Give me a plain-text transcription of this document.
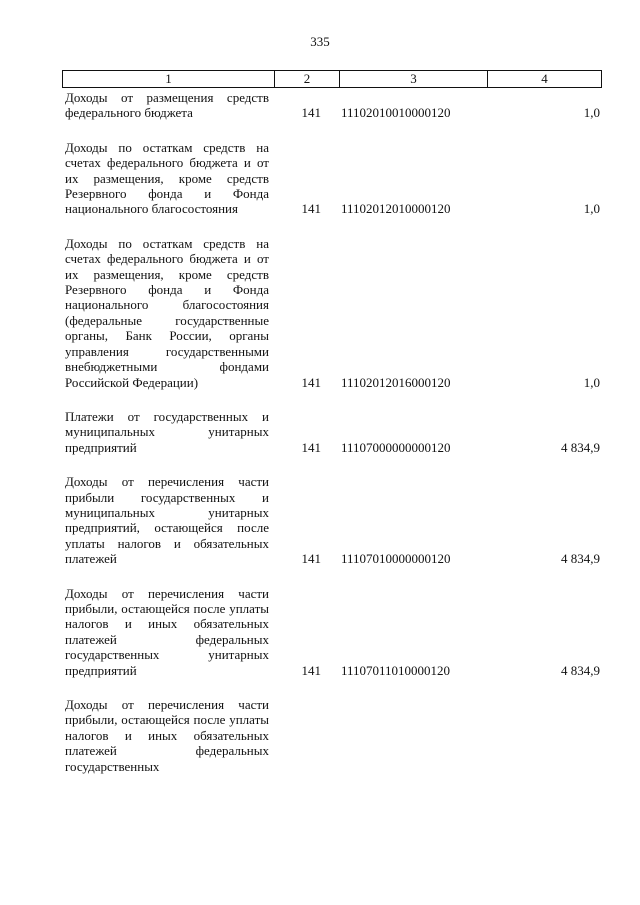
335
1	2	3	4
Доходы от размещения средств федерального бюджета	141	11102010010000120	1,0
Доходы по остаткам средств на счетах федерального бюджета и от их размещения, кроме средств Резервного фонда и Фонда национального благосостояния	141	11102012010000120	1,0
Доходы по остаткам средств на счетах федерального бюджета и от их размещения, кроме средств Резервного фонда и Фонда национального благосостояния (федеральные государственные органы, Банк России, органы управления государственными внебюджетными фондами Российской Федерации)	141	11102012016000120	1,0
Платежи от государственных и муниципальных унитарных предприятий	141	11107000000000120	4 834,9
Доходы от перечисления части прибыли государственных и муниципальных унитарных предприятий, остающейся после уплаты налогов и обязательных платежей	141	11107010000000120	4 834,9
Доходы от перечисления части прибыли, остающейся после уплаты налогов и иных обязательных платежей федеральных государственных унитарных предприятий	141	11107011010000120	4 834,9
Доходы от перечисления части прибыли, остающейся после уплаты налогов и иных обязательных платежей федеральных государственных
